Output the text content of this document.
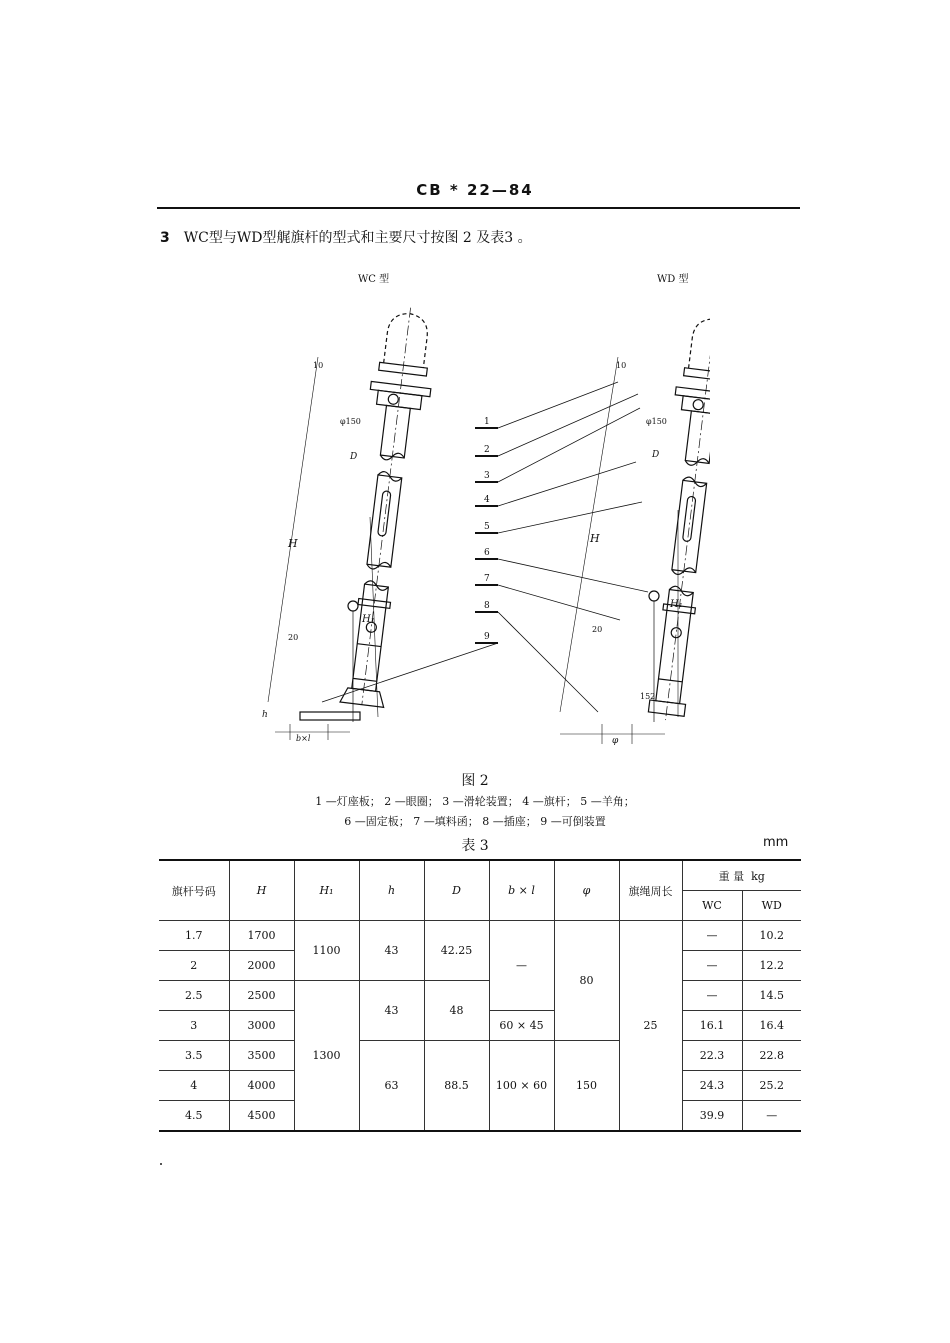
CB * 22—84
3 WC型与WD型艉旗杆的型式和主要尺寸按图 2 及表3 。
WC 型
H
H₁
10
φ150
D
20
h
b×l
1
2
3
4
5
6
7
8
9
WD 型
H
H₁
10
φ150
D
20
152
φ
图 2
1 —灯座板； 2 —眼圈； 3 —滑轮装置； 4 —旗杆； 5 —羊角；
6 —固定板； 7 —填料函； 8 —插座； 9 —可倒装置
表 3	mm
旗杆号码	H	H₁	h	D	b × l	φ	旗绳周长	重 量 kg	
								WC	WD
1.7	1700	1100	43	42.25	—	80	25	—	10.2
2	2000							—	12.2
2.5	2500	1300	43	48				—	14.5
3	3000				60 × 45			16.1	16.4
3.5	3500		63	88.5	100 × 60	150		22.3	22.8
4	4000							24.3	25.2
4.5	4500							39.9	—
